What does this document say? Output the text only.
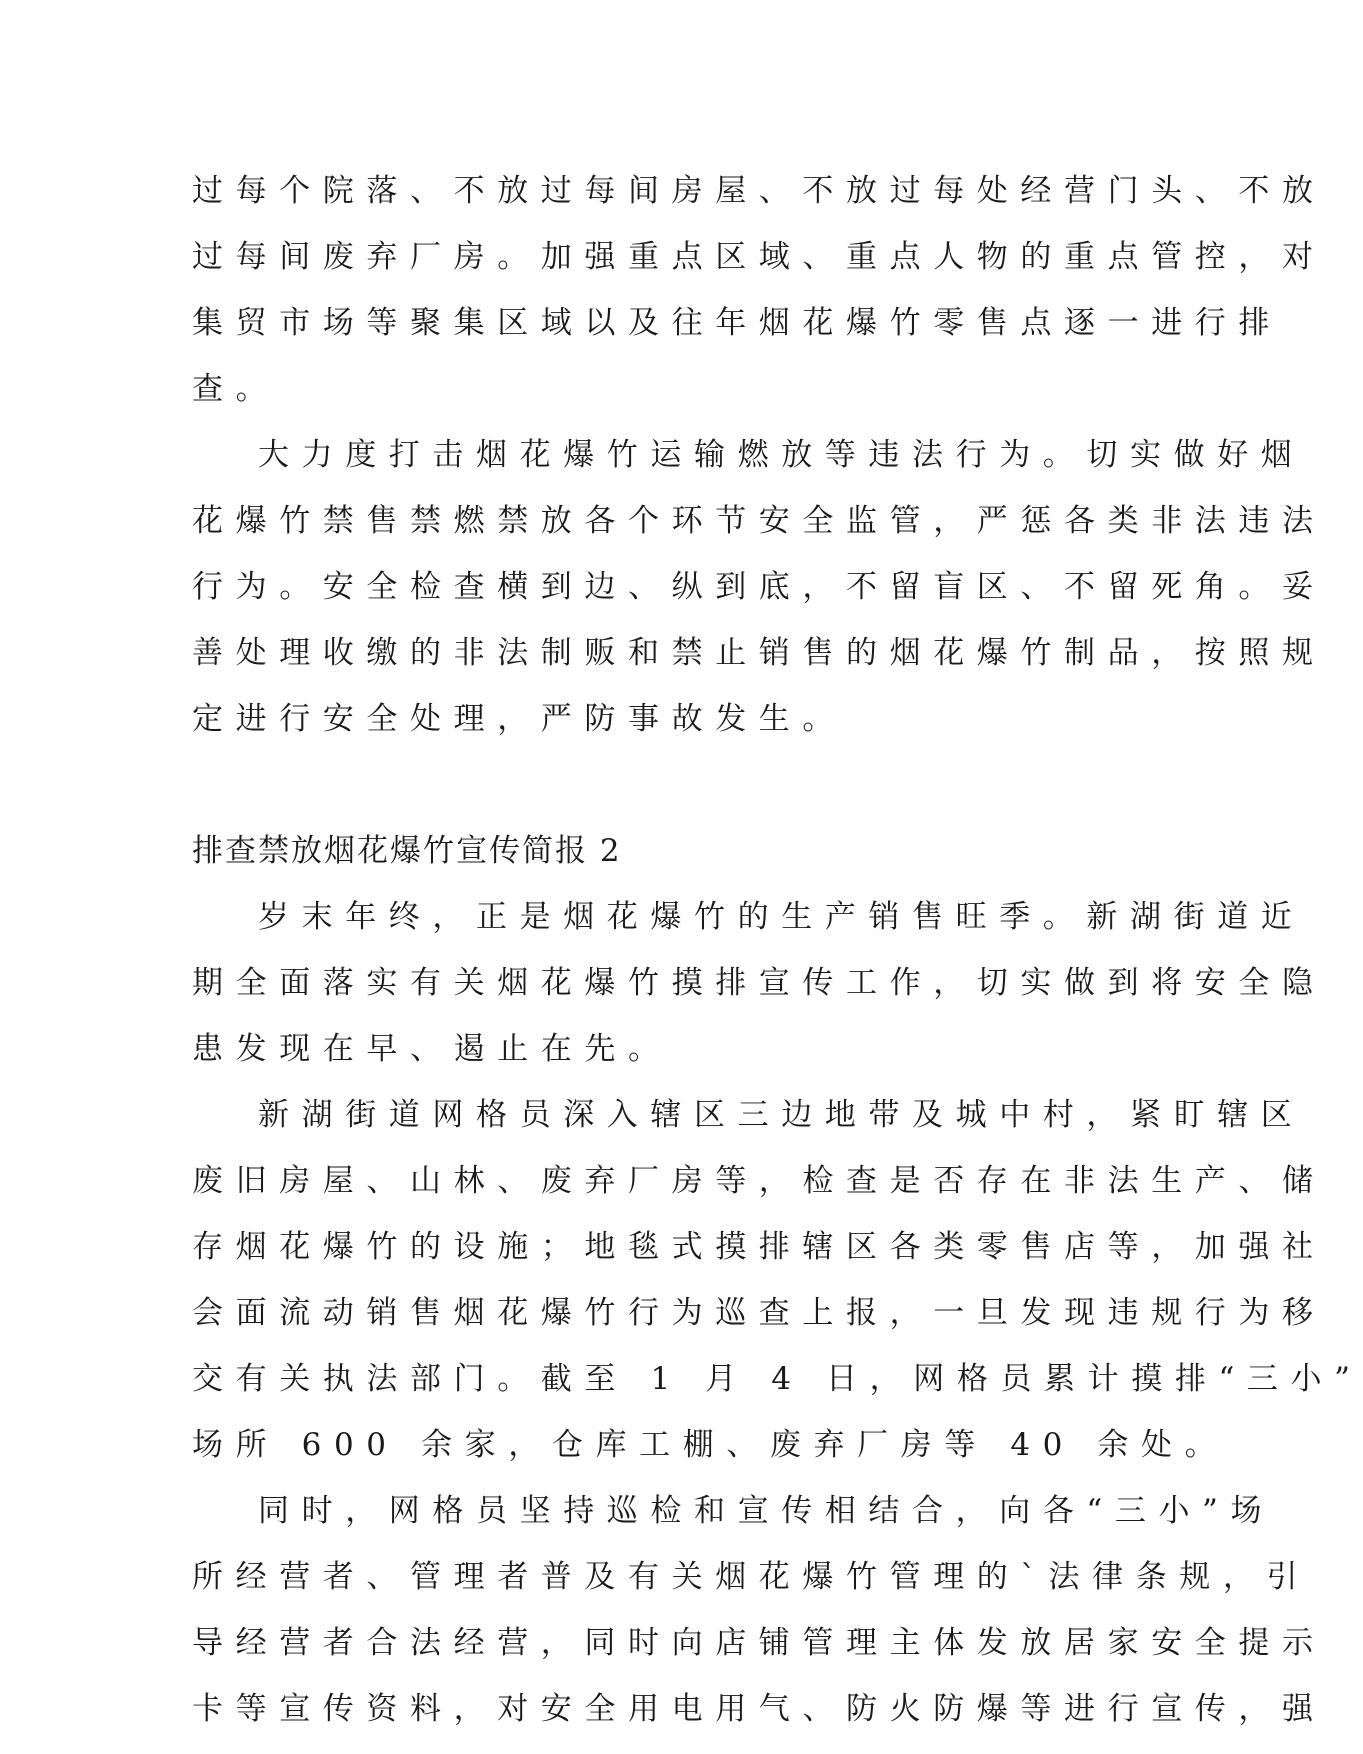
过每个院落、不放过每间房屋、不放过每处经营门头、不放
过每间废弃厂房。加强重点区域、重点人物的重点管控，对
集贸市场等聚集区域以及往年烟花爆竹零售点逐一进行排
查。
大力度打击烟花爆竹运输燃放等违法行为。切实做好烟
花爆竹禁售禁燃禁放各个环节安全监管，严惩各类非法违法
行为。安全检查横到边、纵到底，不留盲区、不留死角。妥
善处理收缴的非法制贩和禁止销售的烟花爆竹制品，按照规
定进行安全处理，严防事故发生。
排查禁放烟花爆竹宣传简报 2
岁末年终，正是烟花爆竹的生产销售旺季。新湖街道近
期全面落实有关烟花爆竹摸排宣传工作，切实做到将安全隐
患发现在早、遏止在先。
新湖街道网格员深入辖区三边地带及城中村，紧盯辖区
废旧房屋、山林、废弃厂房等，检查是否存在非法生产、储
存烟花爆竹的设施；地毯式摸排辖区各类零售店等，加强社
会面流动销售烟花爆竹行为巡查上报，一旦发现违规行为移
交有关执法部门。截至 1 月 4 日，网格员累计摸排“三小”
场所 600 余家，仓库工棚、废弃厂房等 40 余处。
同时，网格员坚持巡检和宣传相结合，向各“三小”场
所经营者、管理者普及有关烟花爆竹管理的`法律条规，引
导经营者合法经营，同时向店铺管理主体发放居家安全提示
卡等宣传资料，对安全用电用气、防火防爆等进行宣传，强
